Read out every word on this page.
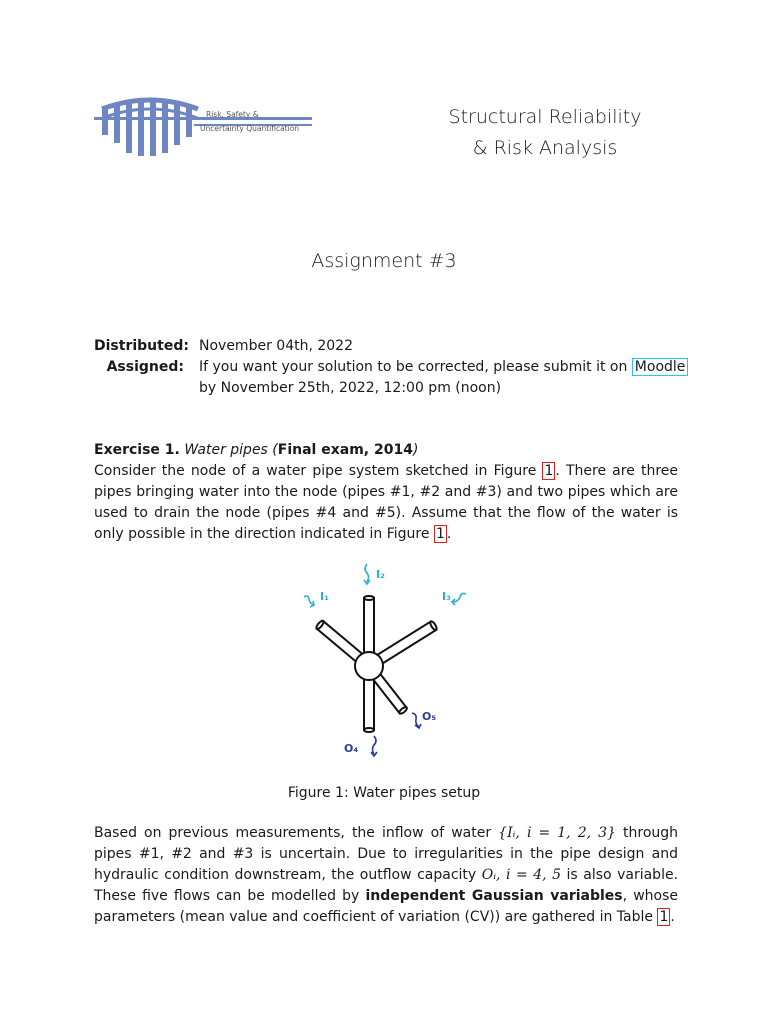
Risk, Safety &
Uncertainty Quantification
Structural Reliability
& Risk Analysis
Assignment #3
Distributed: November 04th, 2022
Assigned:	If you want your solution to be corrected, please submit it on Moodle
by November 25th, 2022, 12:00 pm (noon)

Exercise 1. Water pipes (Final exam, 2014)

Consider the node of a water pipe system sketched in Figure 1 . There are three pipes bringing water into the node (pipes #1, #2 and #3) and two pipes which are used to drain the node (pipes #4 and #5). Assume that the flow of the water is only possible in the direction indicated in Figure 1 .

I₂
I₁	I₃
O₄
O₅
Figure 1: Water pipes setup

Based on previous measurements, the inflow of water {Iᵢ, i = 1, 2, 3} through pipes #1, #2 and #3 is uncertain. Due to irregularities in the pipe design and hydraulic condition downstream, the outflow capacity Oᵢ, i = 4, 5 is also variable. These five flows can be modelled by independent Gaussian variables, whose parameters (mean value and coefficient of variation (CV)) are gathered in Table 1 .
